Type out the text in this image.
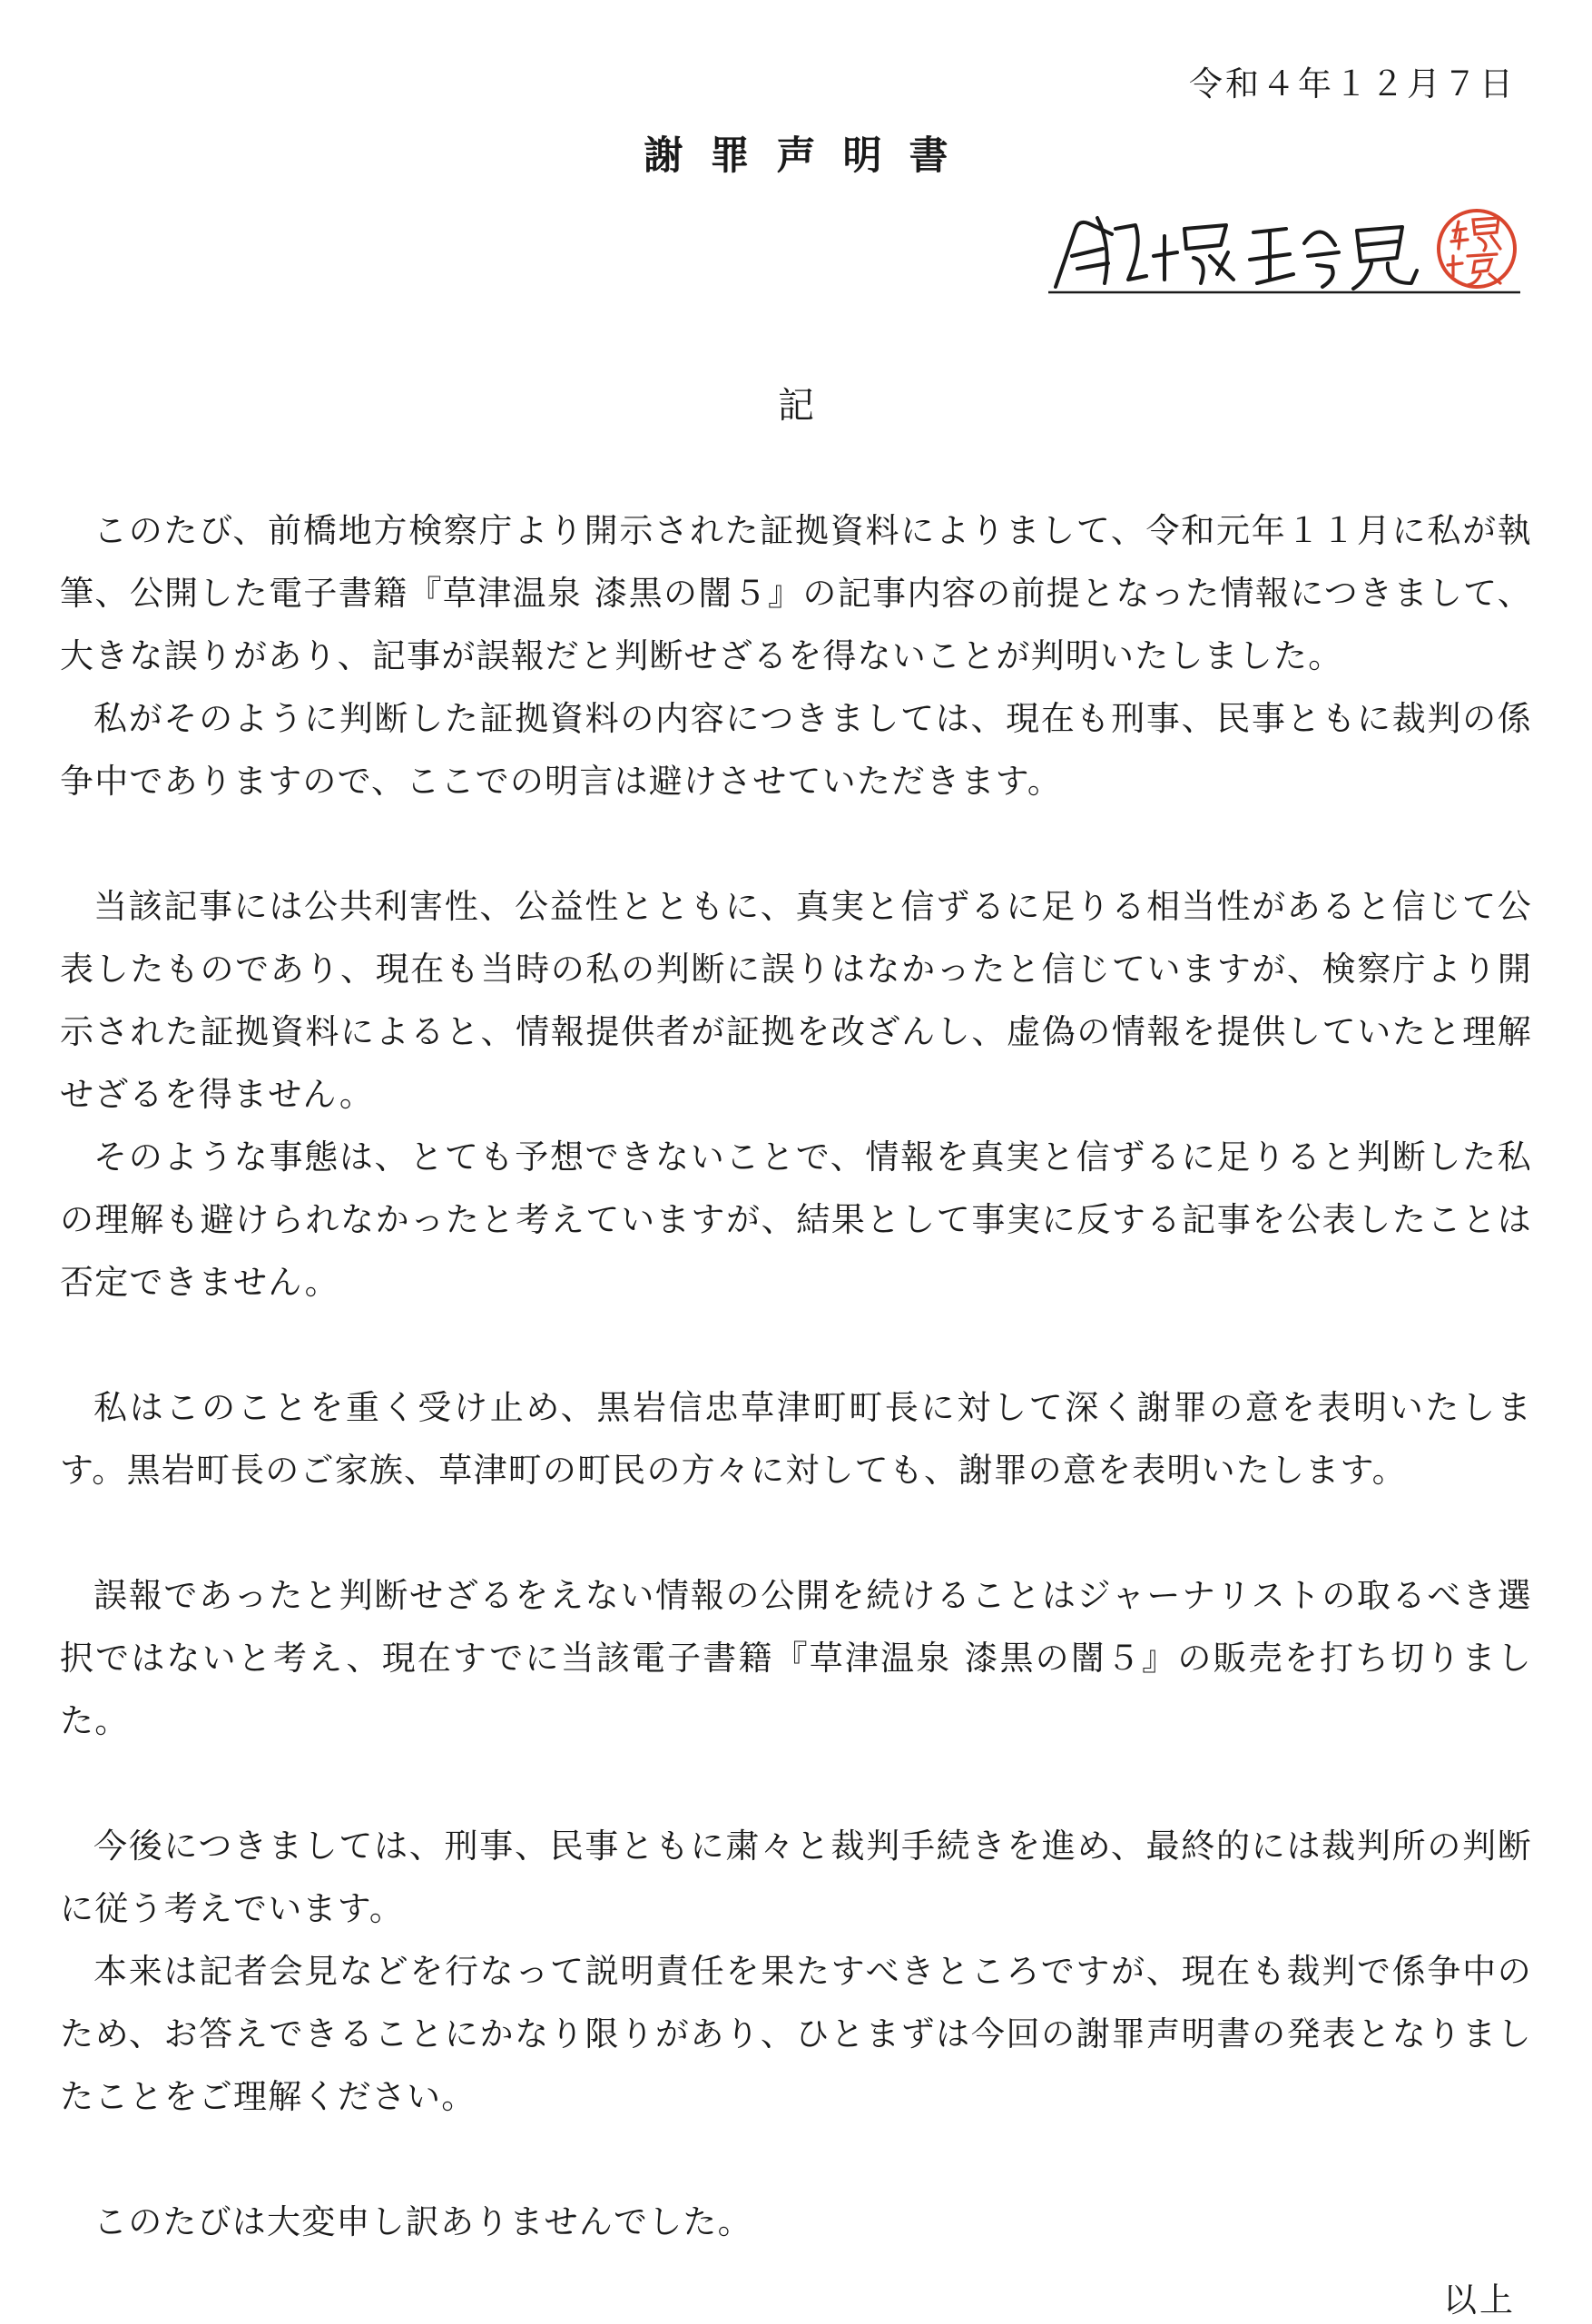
令和４年１２月７日
謝罪声明書
記

このたび、前橋地方検察庁より開示された証拠資料によりまして、令和元年１１月に私が執筆、公開した電子書籍『草津温泉 漆黒の闇５』の記事内容の前提となった情報につきまして、大きな誤りがあり、記事が誤報だと判断せざるを得ないことが判明いたしました。

私がそのように判断した証拠資料の内容につきましては、現在も刑事、民事ともに裁判の係争中でありますので、ここでの明言は避けさせていただきます。

当該記事には公共利害性、公益性とともに、真実と信ずるに足りる相当性があると信じて公表したものであり、現在も当時の私の判断に誤りはなかったと信じていますが、検察庁より開示された証拠資料によると、情報提供者が証拠を改ざんし、虚偽の情報を提供していたと理解せざるを得ません。

そのような事態は、とても予想できないことで、情報を真実と信ずるに足りると判断した私の理解も避けられなかったと考えていますが、結果として事実に反する記事を公表したことは否定できません。

私はこのことを重く受け止め、黒岩信忠草津町町長に対して深く謝罪の意を表明いたします。黒岩町長のご家族、草津町の町民の方々に対しても、謝罪の意を表明いたします。

誤報であったと判断せざるをえない情報の公開を続けることはジャーナリストの取るべき選択ではないと考え、現在すでに当該電子書籍『草津温泉 漆黒の闇５』の販売を打ち切りました。

今後につきましては、刑事、民事ともに粛々と裁判手続きを進め、最終的には裁判所の判断に従う考えでいます。

本来は記者会見などを行なって説明責任を果たすべきところですが、現在も裁判で係争中のため、お答えできることにかなり限りがあり、ひとまずは今回の謝罪声明書の発表となりましたことをご理解ください。

このたびは大変申し訳ありませんでした。

以上
